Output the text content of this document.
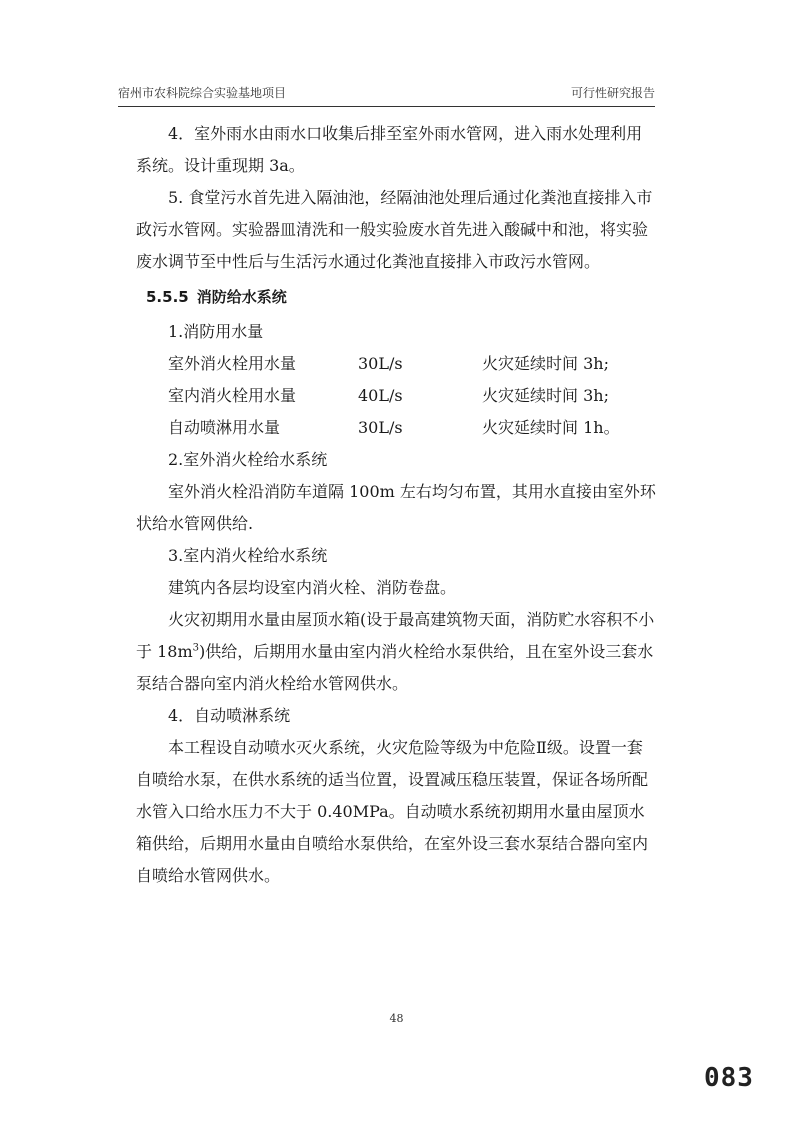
宿州市农科院综合实验基地项目	可行性研究报告

4．室外雨水由雨水口收集后排至室外雨水管网，进入雨水处理利用系统。设计重现期 3a。

5. 食堂污水首先进入隔油池，经隔油池处理后通过化粪池直接排入市政污水管网。实验器皿清洗和一般实验废水首先进入酸碱中和池，将实验废水调节至中性后与生活污水通过化粪池直接排入市政污水管网。

5.5.5 消防给水系统

1.消防用水量

室外消火栓用水量	30L/s	火灾延续时间 3h;
室内消火栓用水量	40L/s	火灾延续时间 3h;
自动喷淋用水量	30L/s	火灾延续时间 1h。

2.室外消火栓给水系统

室外消火栓沿消防车道隔 100m 左右均匀布置，其用水直接由室外环状给水管网供给.

3.室内消火栓给水系统

建筑内各层均设室内消火栓、消防卷盘。

火灾初期用水量由屋顶水箱(设于最高建筑物天面，消防贮水容积不小于 $18m^3$)供给，后期用水量由室内消火栓给水泵供给，且在室外设三套水泵结合器向室内消火栓给水管网供水。

4．自动喷淋系统

本工程设自动喷水灭火系统，火灾危险等级为中危险Ⅱ级。设置一套自喷给水泵，在供水系统的适当位置，设置减压稳压装置，保证各场所配水管入口给水压力不大于 0.40MPa。自动喷水系统初期用水量由屋顶水箱供给，后期用水量由自喷给水泵供给，在室外设三套水泵结合器向室内自喷给水管网供水。

48
083
